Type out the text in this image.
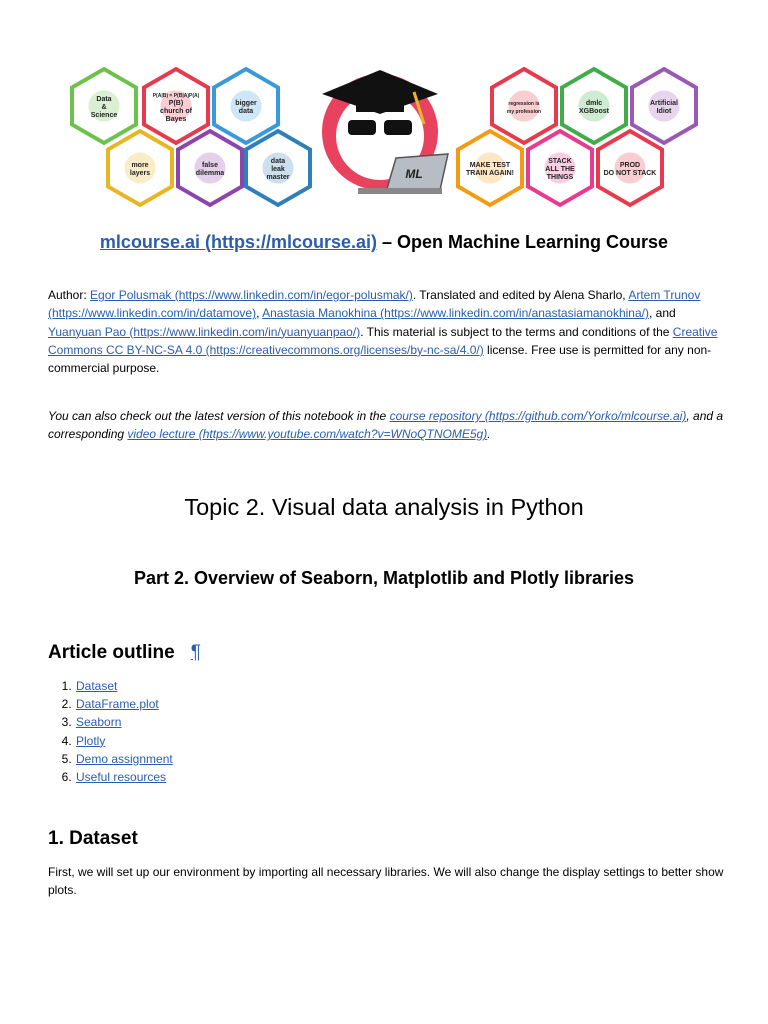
Data
&
Science
P(A|B) = P(B|A)P(A)
P(B)
church of
Bayes
bigger
data
more
layers
false
dilemma
data
leak
master	ML
regression is
my profession
dmlc
XGBoost
Artificial
Idiot
MAKE TEST
TRAIN AGAIN!
STACK
ALL THE
THINGS
PROD
DO NOT STACK
mlcourse.ai (https://mlcourse.ai) – Open Machine Learning Course
Author: Egor Polusmak (https://www.linkedin.com/in/egor-polusmak/). Translated and edited by Alena Sharlo, Artem Trunov (https://www.linkedin.com/in/datamove), Anastasia Manokhina (https://www.linkedin.com/in/anastasiamanokhina/), and Yuanyuan Pao (https://www.linkedin.com/in/yuanyuanpao/). This material is subject to the terms and conditions of the Creative Commons CC BY-NC-SA 4.0 (https://creativecommons.org/licenses/by-nc-sa/4.0/) license. Free use is permitted for any non-commercial purpose.
You can also check out the latest version of this notebook in the course repository (https://github.com/Yorko/mlcourse.ai), and a corresponding video lecture (https://www.youtube.com/watch?v=WNoQTNOME5g).
Topic 2. Visual data analysis in Python
Part 2. Overview of Seaborn, Matplotlib and Plotly libraries
Article outline ¶
1. Dataset
2. DataFrame.plot
3. Seaborn
4. Plotly
5. Demo assignment
6. Useful resources
1. Dataset
First, we will set up our environment by importing all necessary libraries. We will also change the display settings to better show plots.
